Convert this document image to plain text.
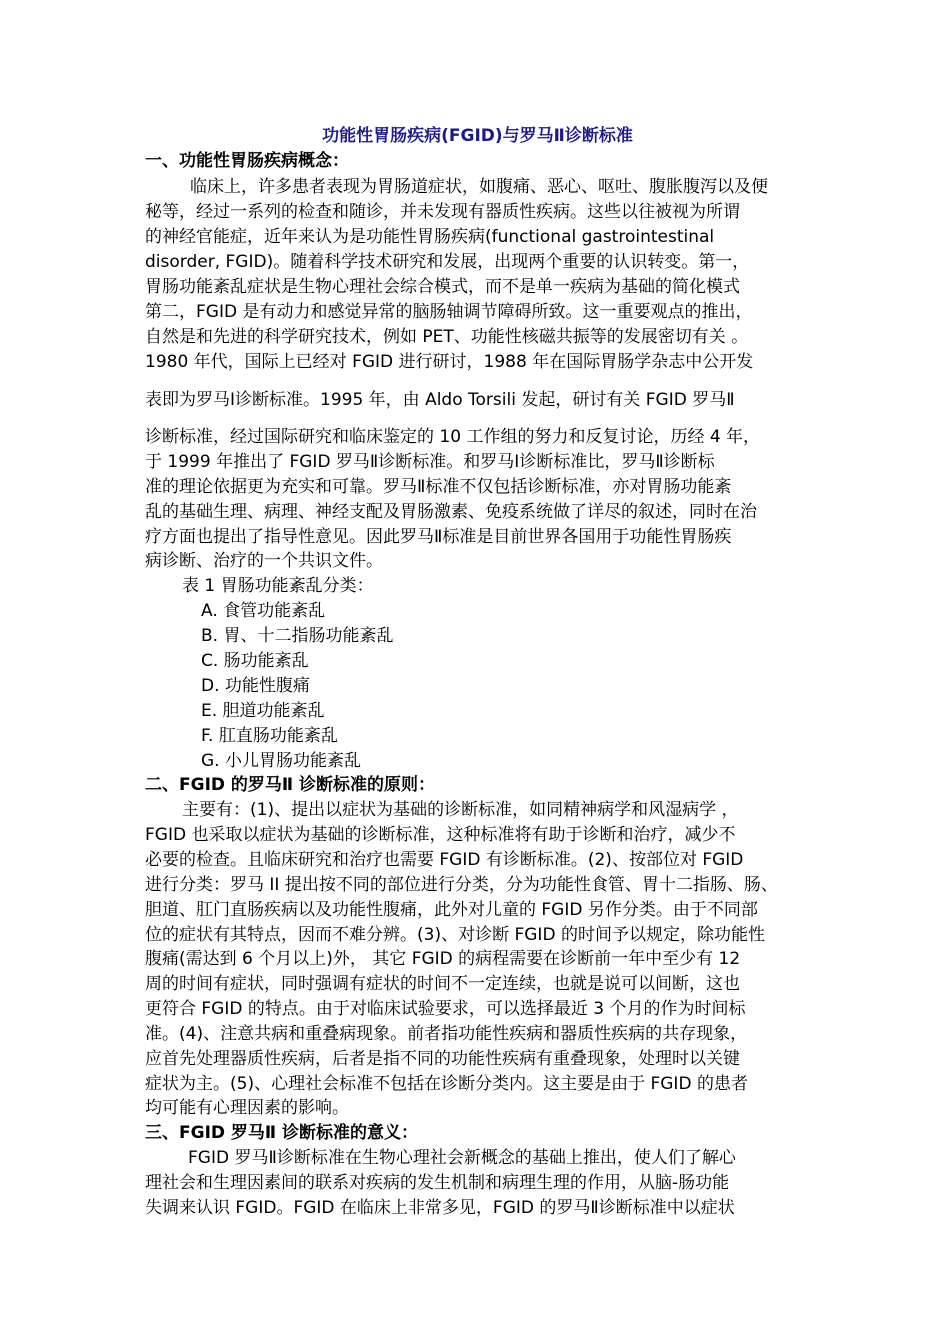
功能性胃肠疾病(FGID)与罗马Ⅱ诊断标准
一、功能性胃肠疾病概念：
临床上，许多患者表现为胃肠道症状，如腹痛、恶心、呕吐、腹胀腹泻以及便
秘等，经过一系列的检查和随诊，并未发现有器质性疾病。这些以往被视为所谓
的神经官能症，近年来认为是功能性胃肠疾病(functional gastrointestinal
disorder, FGID)。随着科学技术研究和发展，出现两个重要的认识转变。第一，
胃肠功能紊乱症状是生物心理社会综合模式，而不是单一疾病为基础的简化模式
第二，FGID 是有动力和感觉异常的脑肠轴调节障碍所致。这一重要观点的推出，
自然是和先进的科学研究技术，例如 PET、功能性核磁共振等的发展密切有关 。
1980 年代，国际上已经对 FGID 进行研讨，1988 年在国际胃肠学杂志中公开发
表即为罗马Ⅰ诊断标准。1995 年，由 Aldo Torsili 发起，研讨有关 FGID 罗马Ⅱ
诊断标准，经过国际研究和临床鉴定的 10 工作组的努力和反复讨论，历经 4 年，
于 1999 年推出了 FGID 罗马Ⅱ诊断标准。和罗马Ⅰ诊断标准比，罗马Ⅱ诊断标
准的理论依据更为充实和可靠。罗马Ⅱ标准不仅包括诊断标准，亦对胃肠功能紊
乱的基础生理、病理、神经支配及胃肠激素、免疫系统做了详尽的叙述，同时在治
疗方面也提出了指导性意见。因此罗马Ⅱ标准是目前世界各国用于功能性胃肠疾
病诊断、治疗的一个共识文件。
表 1 胃肠功能紊乱分类：
A. 食管功能紊乱
B. 胃、十二指肠功能紊乱
C. 肠功能紊乱
D. 功能性腹痛
E. 胆道功能紊乱
F. 肛直肠功能紊乱
G. 小儿胃肠功能紊乱
二、FGID 的罗马Ⅱ 诊断标准的原则：
主要有：(1)、提出以症状为基础的诊断标准，如同精神病学和风湿病学 ，
FGID 也采取以症状为基础的诊断标准，这种标准将有助于诊断和治疗，减少不
必要的检查。且临床研究和治疗也需要 FGID 有诊断标准。(2)、按部位对 FGID
进行分类：罗马 II 提出按不同的部位进行分类，分为功能性食管、胃十二指肠、肠、
胆道、肛门直肠疾病以及功能性腹痛，此外对儿童的 FGID 另作分类。由于不同部
位的症状有其特点，因而不难分辨。(3)、对诊断 FGID 的时间予以规定，除功能性
腹痛(需达到 6 个月以上)外， 其它 FGID 的病程需要在诊断前一年中至少有 12
周的时间有症状，同时强调有症状的时间不一定连续，也就是说可以间断，这也
更符合 FGID 的特点。由于对临床试验要求，可以选择最近 3 个月的作为时间标
准。(4)、注意共病和重叠病现象。前者指功能性疾病和器质性疾病的共存现象，
应首先处理器质性疾病，后者是指不同的功能性疾病有重叠现象，处理时以关键
症状为主。(5)、心理社会标准不包括在诊断分类内。这主要是由于 FGID 的患者
均可能有心理因素的影响。
三、FGID 罗马Ⅱ 诊断标准的意义：
FGID 罗马Ⅱ诊断标准在生物心理社会新概念的基础上推出，使人们了解心
理社会和生理因素间的联系对疾病的发生机制和病理生理的作用，从脑-肠功能
失调来认识 FGID。FGID 在临床上非常多见，FGID 的罗马Ⅱ诊断标准中以症状
